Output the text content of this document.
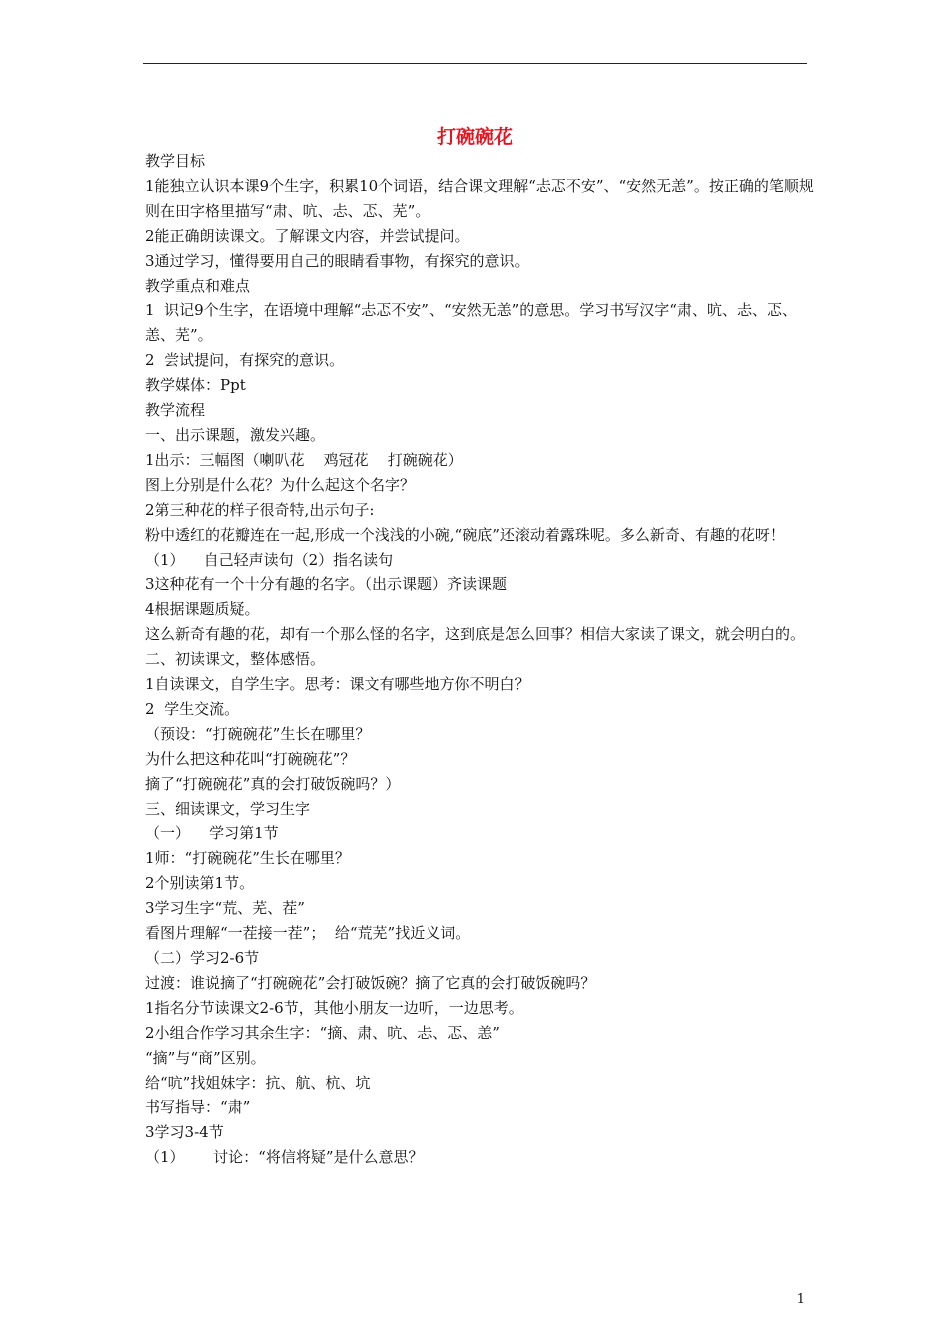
打碗碗花

教学目标

1能独立认识本课9个生字，积累10个词语，结合课文理解“忐忑不安”、“安然无恙”。按正确的笔顺规则在田字格里描写“肃、吭、忐、忑、芜”。

2能正确朗读课文。了解课文内容，并尝试提问。

3通过学习，懂得要用自己的眼睛看事物，有探究的意识。

教学重点和难点

1  识记9个生字，在语境中理解“忐忑不安”、“安然无恙”的意思。学习书写汉字“肃、吭、忐、忑、恙、芜”。

2  尝试提问，有探究的意识。

教学媒体：Ppt

教学流程

一、出示课题，激发兴趣。

1出示：三幅图（喇叭花    鸡冠花    打碗碗花）

图上分别是什么花？为什么起这个名字？

2第三种花的样子很奇特,出示句子:

粉中透红的花瓣连在一起,形成一个浅浅的小碗,“碗底”还滚动着露珠呢。多么新奇、有趣的花呀！

（1）    自己轻声读句（2）指名读句

3这种花有一个十分有趣的名字。（出示课题）齐读课题

4根据课题质疑。

这么新奇有趣的花，却有一个那么怪的名字，这到底是怎么回事？相信大家读了课文，就会明白的。

二、初读课文，整体感悟。

1自读课文，自学生字。思考：课文有哪些地方你不明白？

2  学生交流。

（预设：“打碗碗花”生长在哪里？

为什么把这种花叫“打碗碗花”？

摘了“打碗碗花”真的会打破饭碗吗？）

三、细读课文，学习生字

（一）    学习第1节

1师：“打碗碗花”生长在哪里？

2个别读第1节。

3学习生字“荒、芜、茬”

看图片理解“一茬接一茬”；  给“荒芜”找近义词。

（二）学习2-6节

过渡：谁说摘了“打碗碗花”会打破饭碗？摘了它真的会打破饭碗吗？

1指名分节读课文2-6节，其他小朋友一边听，一边思考。

2小组合作学习其余生字：“摘、肃、吭、忐、忑、恙”

“摘”与“商”区别。

给“吭”找姐妹字：抗、航、杭、坑

书写指导：“肃”

3学习3-4节

（1）      讨论：“将信将疑”是什么意思？

1
